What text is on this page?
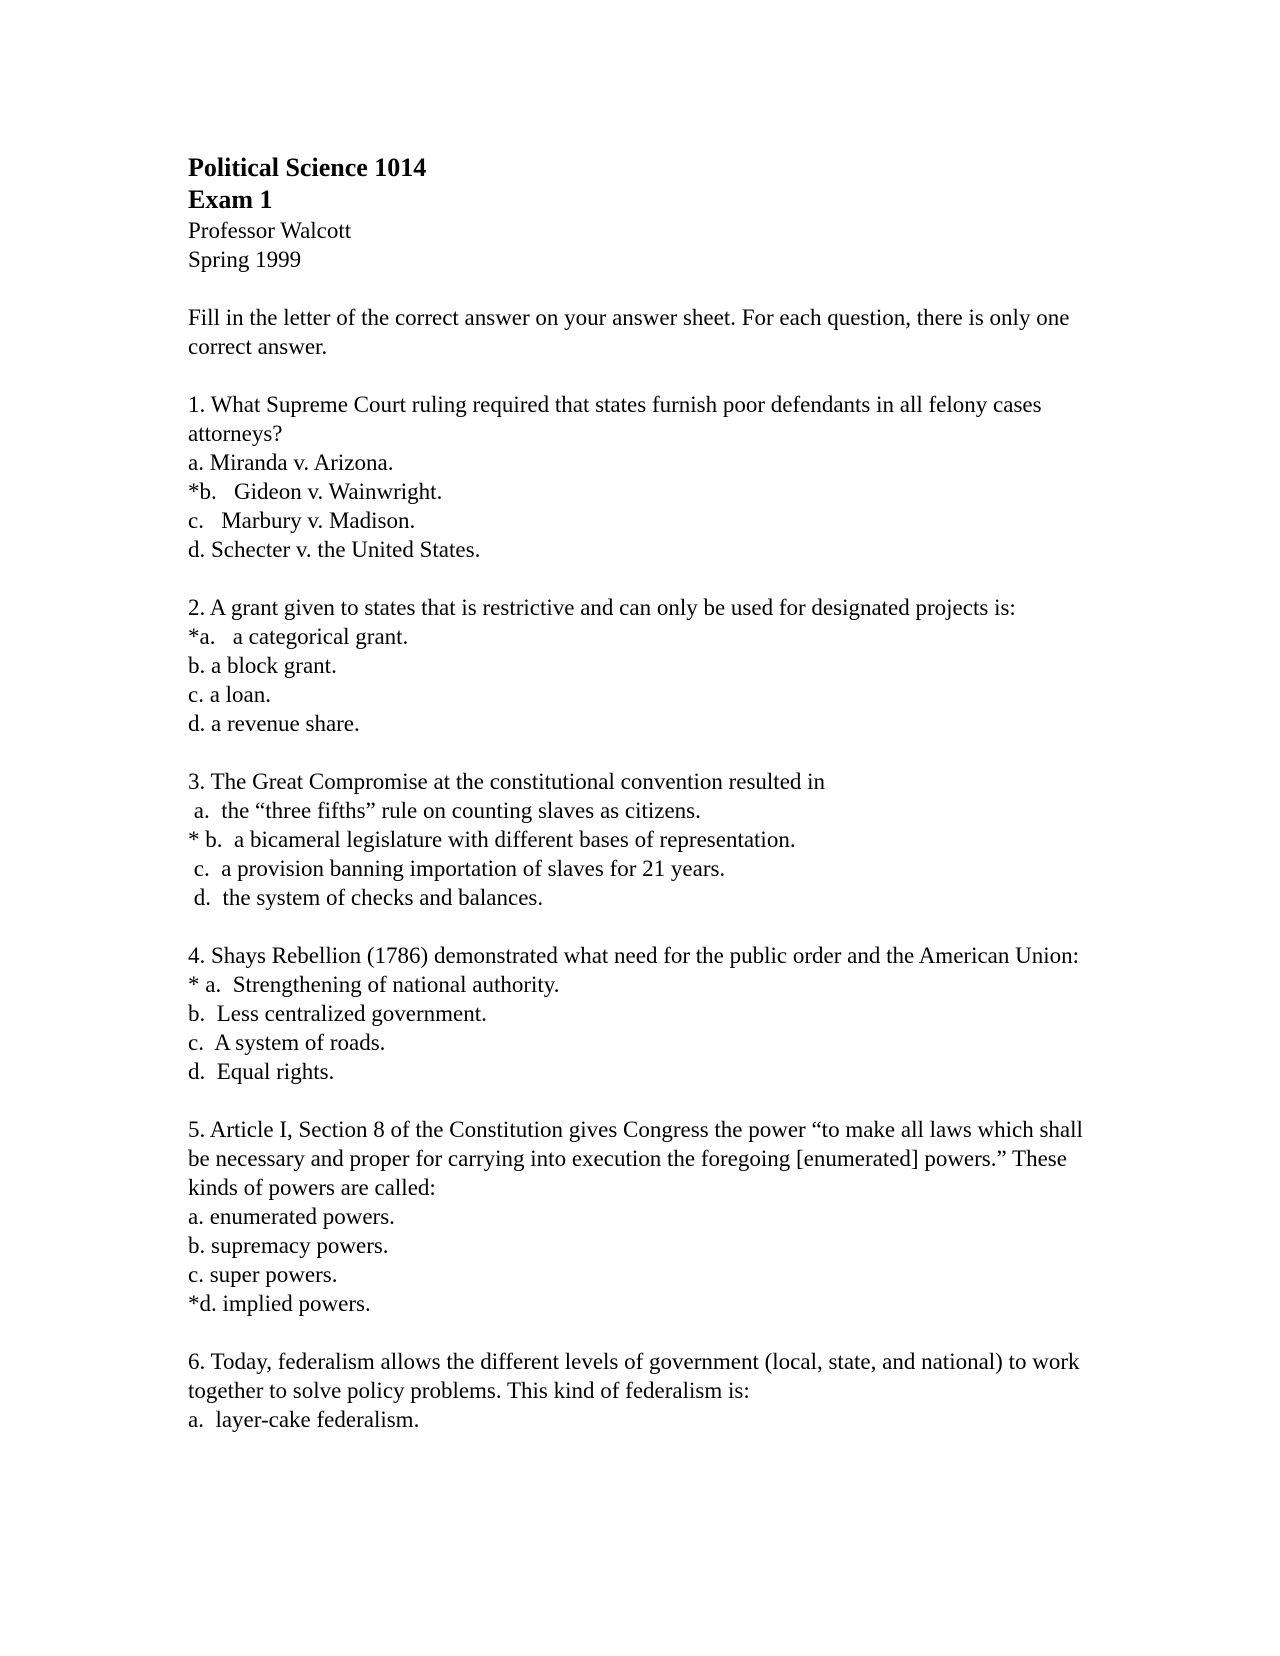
Political Science 1014

Exam 1

Professor Walcott

Spring 1999

Fill in the letter of the correct answer on your answer sheet. For each question, there is only one correct answer.

1. What Supreme Court ruling required that states furnish poor defendants in all felony cases attorneys?

a. Miranda v. Arizona.

*b.   Gideon v. Wainwright.

c.   Marbury v. Madison.

d. Schecter v. the United States.

2. A grant given to states that is restrictive and can only be used for designated projects is:

*a.   a categorical grant.

b. a block grant.

c. a loan.

d. a revenue share.

3. The Great Compromise at the constitutional convention resulted in

a.  the “three fifths” rule on counting slaves as citizens.

* b.  a bicameral legislature with different bases of representation.

c.  a provision banning importation of slaves for 21 years.

d.  the system of checks and balances.

4. Shays Rebellion (1786) demonstrated what need for the public order and the American Union:

* a.  Strengthening of national authority.

b.  Less centralized government.

c.  A system of roads.

d.  Equal rights.

5. Article I, Section 8 of the Constitution gives Congress the power “to make all laws which shall be necessary and proper for carrying into execution the foregoing [enumerated] powers.” These kinds of powers are called:

a. enumerated powers.

b. supremacy powers.

c. super powers.

*d. implied powers.

6. Today, federalism allows the different levels of government (local, state, and national) to work together to solve policy problems. This kind of federalism is:

a.  layer-cake federalism.
